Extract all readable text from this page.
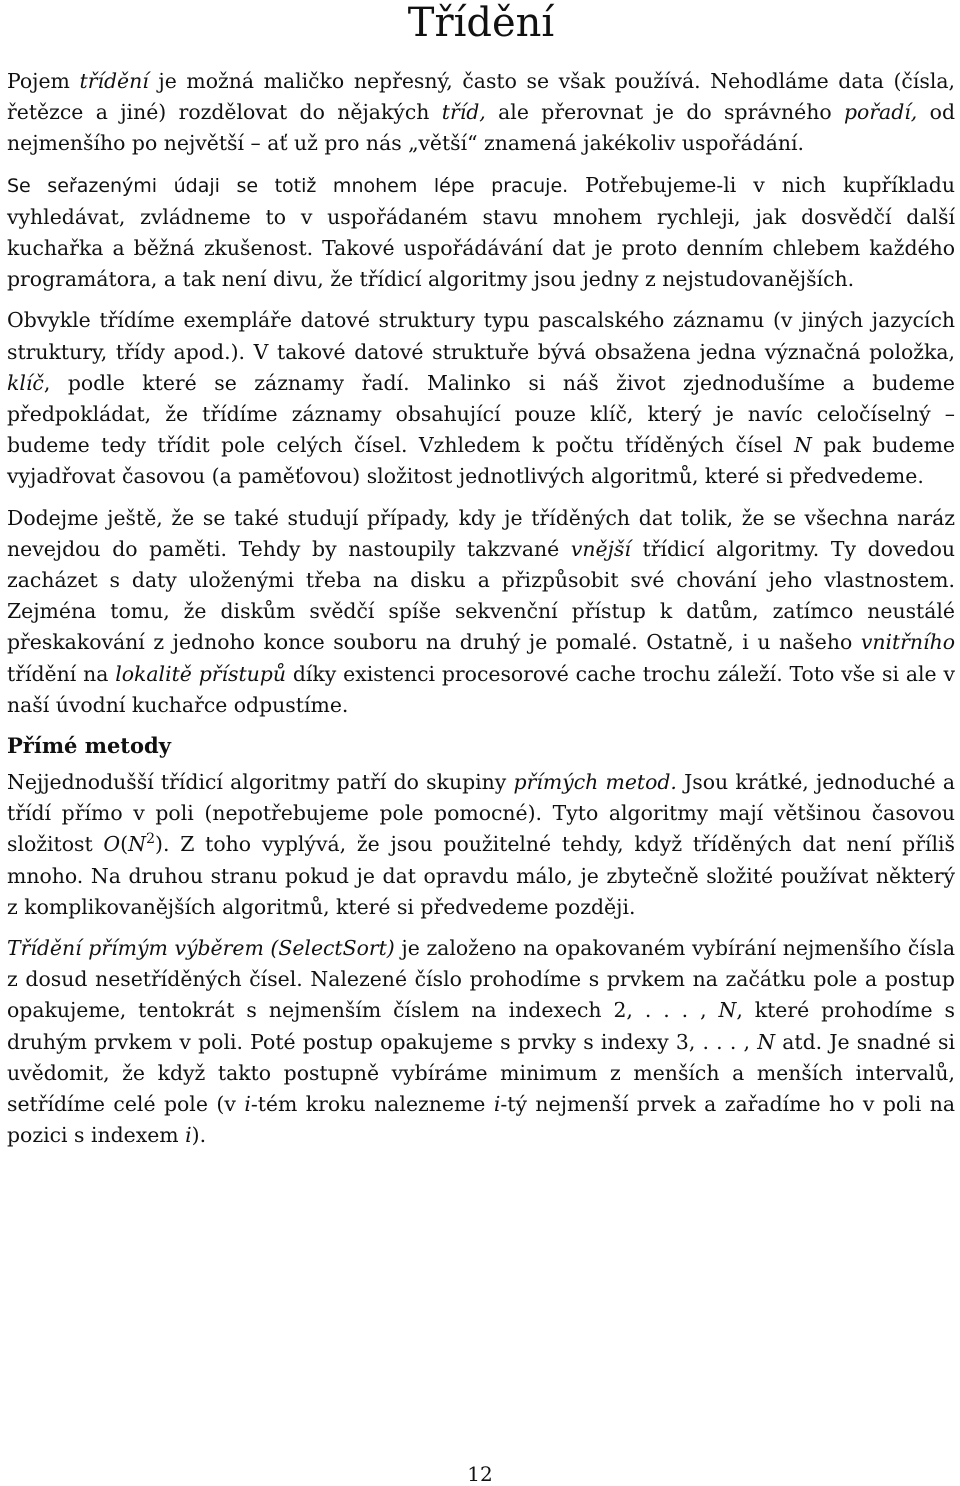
Třídění

Pojem třídění je možná maličko nepřesný, často se však používá. Nehodláme data (čísla, řetězce a jiné) rozdělovat do nějakých tříd, ale přerovnat je do správného pořadí, od nejmenšího po největší – ať už pro nás „větší“ znamená jakékoliv uspořádání.

Se seřazenými údaji se totiž mnohem lépe pracuje. Potřebujeme-li v nich kupříkladu vyhledávat, zvládneme to v uspořádaném stavu mnohem rychleji, jak dosvědčí další kuchařka a běžná zkušenost. Takové uspořádávání dat je proto denním chlebem každého programátora, a tak není divu, že třídicí algoritmy jsou jedny z nejstudovanějších.

Obvykle třídíme exempláře datové struktury typu pascalského záznamu (v jiných jazycích struktury, třídy apod.). V takové datové struktuře bývá obsažena jedna význačná položka, klíč, podle které se záznamy řadí. Malinko si náš život zjednodušíme a budeme předpokládat, že třídíme záznamy obsahující pouze klíč, který je navíc celočíselný – budeme tedy třídit pole celých čísel. Vzhledem k počtu tříděných čísel N pak budeme vyjadřovat časovou (a paměťovou) složitost jednotlivých algoritmů, které si předvedeme.

Dodejme ještě, že se také studují případy, kdy je tříděných dat tolik, že se všechna naráz nevejdou do paměti. Tehdy by nastoupily takzvané vnější třídicí algoritmy. Ty dovedou zacházet s daty uloženými třeba na disku a přizpůsobit své chování jeho vlastnostem. Zejména tomu, že diskům svědčí spíše sekvenční přístup k datům, zatímco neustálé přeskakování z jednoho konce souboru na druhý je pomalé. Ostatně, i u našeho vnitřního třídění na lokalitě přístupů díky existenci procesorové cache trochu záleží. Toto vše si ale v naší úvodní kuchařce odpustíme.

Přímé metody

Nejjednodušší třídicí algoritmy patří do skupiny přímých metod. Jsou krátké, jednoduché a třídí přímo v poli (nepotřebujeme pole pomocné). Tyto algoritmy mají většinou časovou složitost $O(N^2)$. Z toho vyplývá, že jsou použitelné tehdy, když tříděných dat není příliš mnoho. Na druhou stranu pokud je dat opravdu málo, je zbytečně složité používat některý z komplikovanějších algoritmů, které si předvedeme později.

Třídění přímým výběrem (SelectSort) je založeno na opakovaném vybírání nejmenšího čísla z dosud nesetříděných čísel. Nalezené číslo prohodíme s prvkem na začátku pole a postup opakujeme, tentokrát s nejmenším číslem na indexech 2, . . . , N, které prohodíme s druhým prvkem v poli. Poté postup opakujeme s prvky s indexy 3, . . . , N atd. Je snadné si uvědomit, že když takto postupně vybíráme minimum z menších a menších intervalů, setřídíme celé pole (v i-tém kroku nalezneme i-tý nejmenší prvek a zařadíme ho v poli na pozici s indexem i).

12
